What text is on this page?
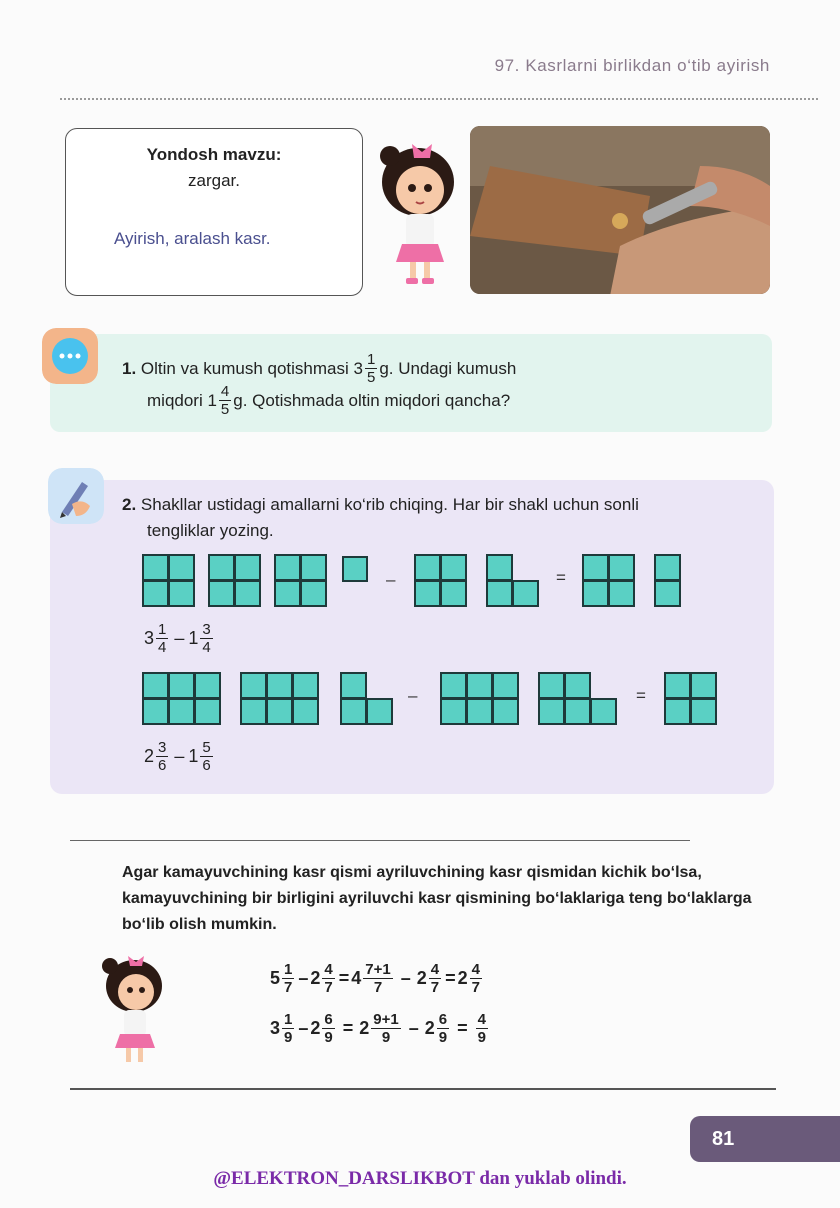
97. Kasrlarni birlikdan o‘tib ayirish
Yondosh mavzu:
zargar.
Ayirish, aralash kasr.
1.
Oltin va kumush qotishmasi $3 \frac{1}{5} g$. Undagi kumush
miqdori $1 \frac{4}{5} g$. Qotishmada oltin miqdori qancha?
2. Shakllar ustidagi amallarni ko‘rib chiqing. Har bir shakl uchun sonli
tengliklar yozing.
–	=
$3 \frac{1}{4} - 1 \frac{3}{4}$
–	=
$2 \frac{3}{6} - 1 \frac{5}{6}$
Agar kamayuvchining kasr qismi ayriluvchining kasr qismidan kichik bo‘lsa, kamayuvchining bir birligini ayriluvchi kasr qismining bo‘laklariga teng bo‘laklarga bo‘lib olish mumkin.
$5 \frac{1}{7} - 2 \frac{4}{7} = 4 \frac{7+1}{7} - 2 \frac{4}{7} = 2 \frac{4}{7}$
$3 \frac{1}{9} - 2 \frac{6}{9} = 2 \frac{9+1}{9} - 2 \frac{6}{9} = \frac{4}{9}$
81
@ELEKTRON_DARSLIKBOT dan yuklab olindi.
